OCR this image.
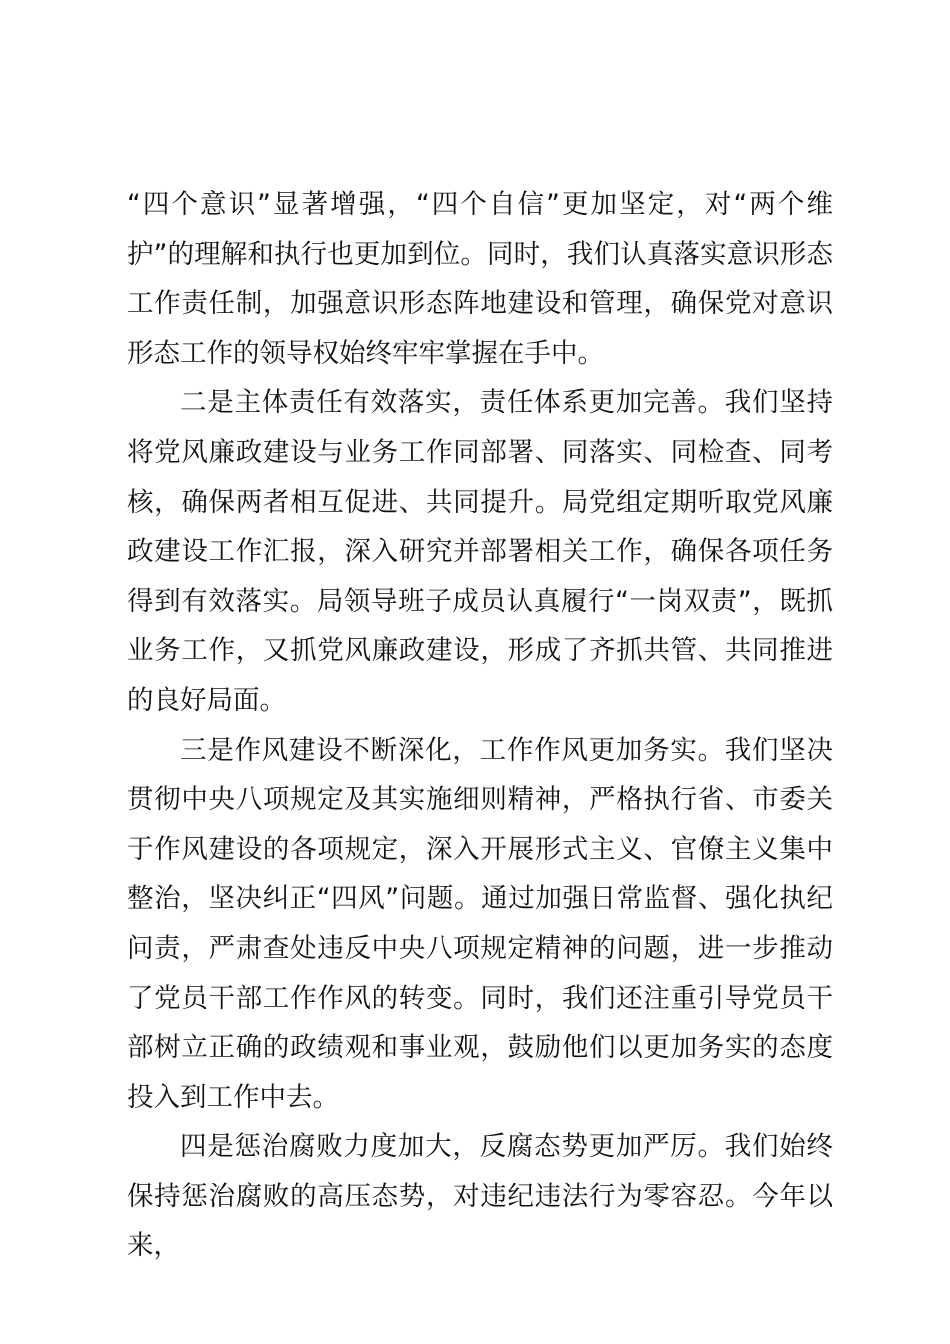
“四个意识”显著增强，“四个自信”更加坚定，对“两个维护”的理解和执行也更加到位。同时，我们认真落实意识形态工作责任制，加强意识形态阵地建设和管理，确保党对意识形态工作的领导权始终牢牢掌握在手中。

二是主体责任有效落实，责任体系更加完善。我们坚持将党风廉政建设与业务工作同部署、同落实、同检查、同考核，确保两者相互促进、共同提升。局党组定期听取党风廉政建设工作汇报，深入研究并部署相关工作，确保各项任务得到有效落实。局领导班子成员认真履行“一岗双责”，既抓业务工作，又抓党风廉政建设，形成了齐抓共管、共同推进的良好局面。

三是作风建设不断深化，工作作风更加务实。我们坚决贯彻中央八项规定及其实施细则精神，严格执行省、市委关于作风建设的各项规定，深入开展形式主义、官僚主义集中整治，坚决纠正“四风”问题。通过加强日常监督、强化执纪问责，严肃查处违反中央八项规定精神的问题，进一步推动了党员干部工作作风的转变。同时，我们还注重引导党员干部树立正确的政绩观和事业观，鼓励他们以更加务实的态度投入到工作中去。

四是惩治腐败力度加大，反腐态势更加严厉。我们始终保持惩治腐败的高压态势，对违纪违法行为零容忍。今年以来，
